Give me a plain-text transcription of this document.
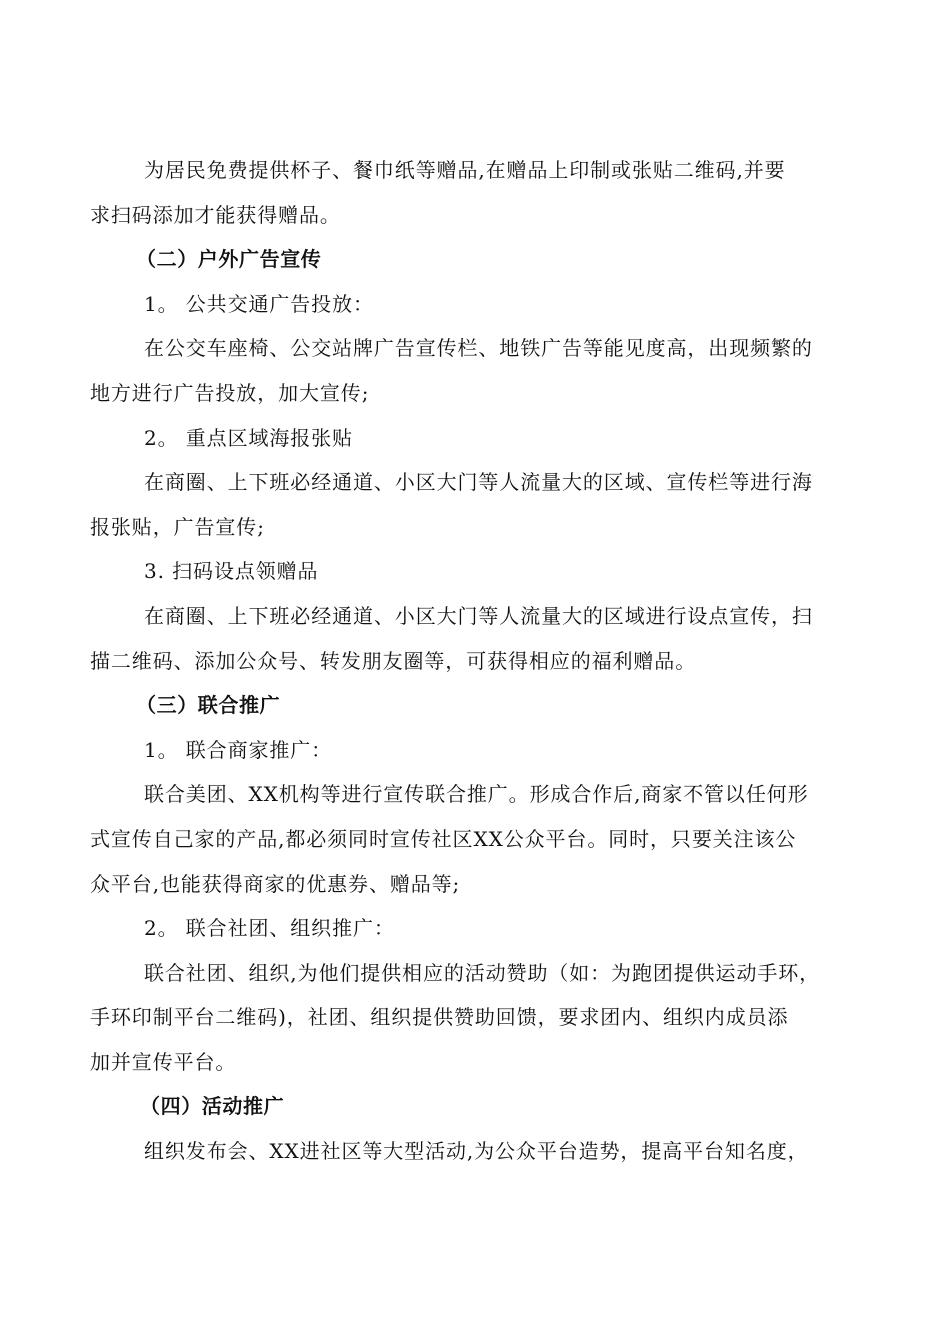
为居民免费提供杯子、餐巾纸等赠品,在赠品上印制或张贴二维码,并要
求扫码添加才能获得赠品。
（二）户外广告宣传
1。 公共交通广告投放：
在公交车座椅、公交站牌广告宣传栏、地铁广告等能见度高，出现频繁的
地方进行广告投放，加大宣传;
2。 重点区域海报张贴
在商圈、上下班必经通道、小区大门等人流量大的区域、宣传栏等进行海
报张贴，广告宣传;
3. 扫码设点领赠品
在商圈、上下班必经通道、小区大门等人流量大的区域进行设点宣传，扫
描二维码、添加公众号、转发朋友圈等，可获得相应的福利赠品。
（三）联合推广
1。 联合商家推广：
联合美团、XX机构等进行宣传联合推广。形成合作后,商家不管以任何形
式宣传自己家的产品,都必须同时宣传社区XX公众平台。同时，只要关注该公
众平台,也能获得商家的优惠券、赠品等;
2。 联合社团、组织推广：
联合社团、组织,为他们提供相应的活动赞助（如：为跑团提供运动手环，
手环印制平台二维码)，社团、组织提供赞助回馈，要求团内、组织内成员添
加并宣传平台。
（四）活动推广
组织发布会、XX进社区等大型活动,为公众平台造势，提高平台知名度，
